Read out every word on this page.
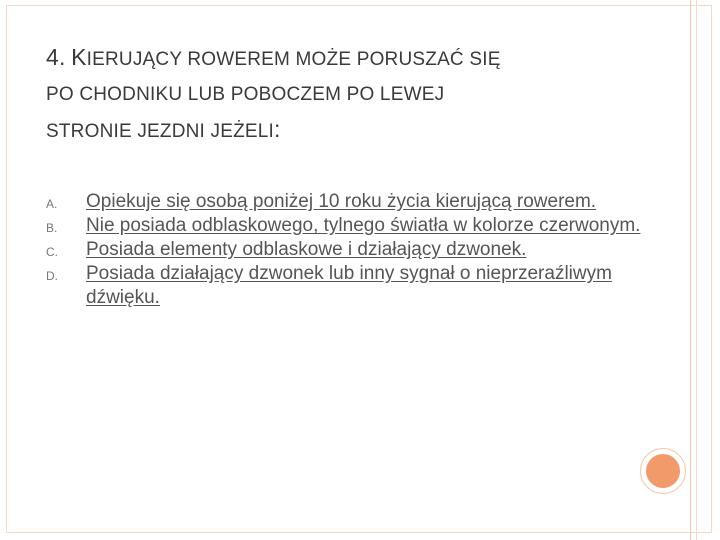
4. KIERUJĄCY ROWEREM MOŻE PORUSZAĆ SIĘ
PO CHODNIKU LUB POBOCZEM PO LEWEJ
STRONIE JEZDNI JEŻELI:
A. Opiekuje się osobą poniżej 10 roku życia kierującą rowerem.
B. Nie posiada odblaskowego, tylnego światła w kolorze czerwonym.
C. Posiada elementy odblaskowe i działający dzwonek.
D. Posiada działający dzwonek lub inny sygnał o nieprzeraźliwym dźwięku.
